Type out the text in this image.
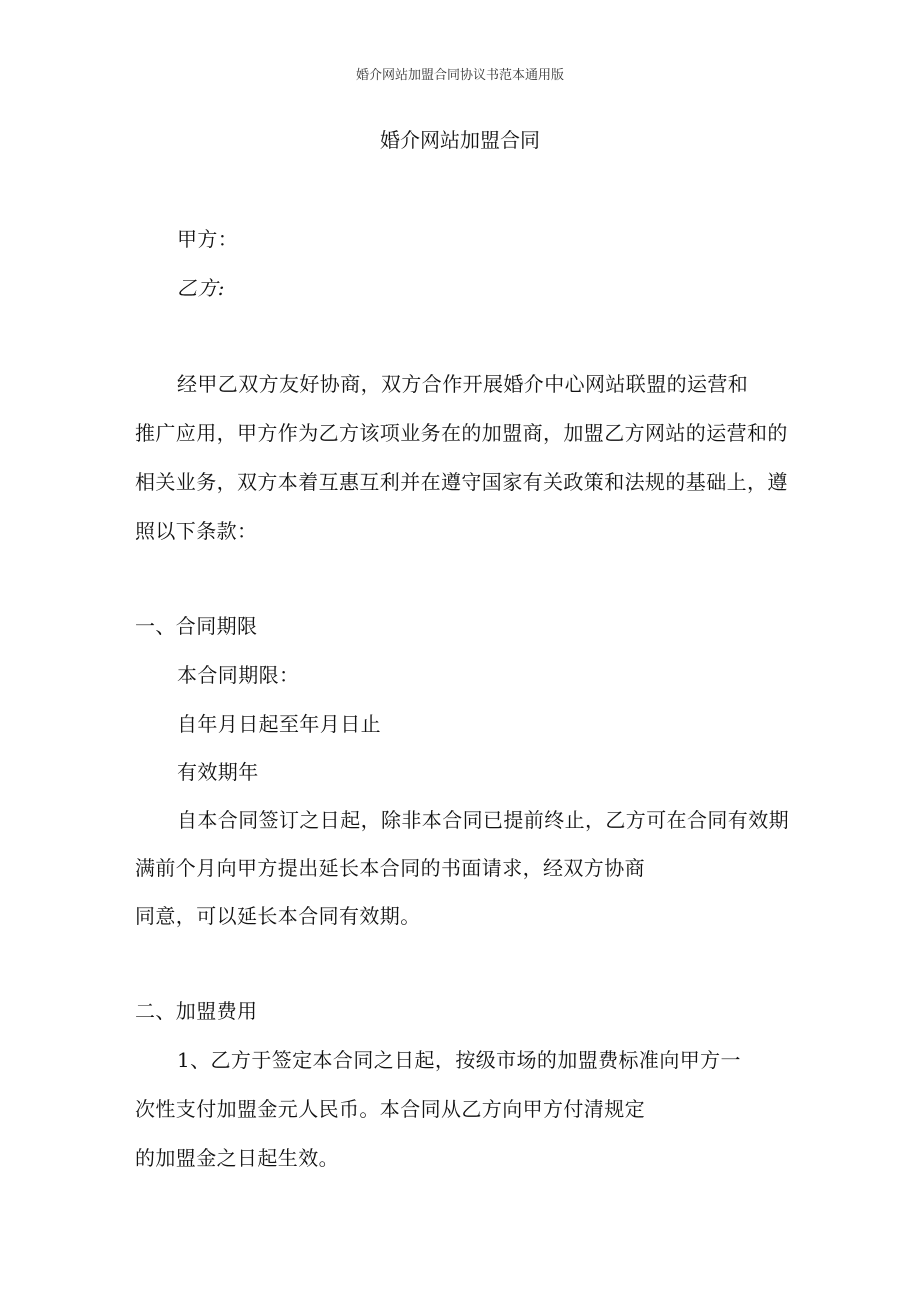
婚介网站加盟合同协议书范本通用版

婚介网站加盟合同

甲方：

乙方:

经甲乙双方友好协商，双方合作开展婚介中心网站联盟的运营和

推广应用，甲方作为乙方该项业务在的加盟商，加盟乙方网站的运营和的

相关业务，双方本着互惠互利并在遵守国家有关政策和法规的基础上，遵

照以下条款：

一、合同期限

本合同期限：

自年月日起至年月日止

有效期年

自本合同签订之日起，除非本合同已提前终止，乙方可在合同有效期

满前个月向甲方提出延长本合同的书面请求，经双方协商

同意，可以延长本合同有效期。

二、加盟费用

1、乙方于签定本合同之日起，按级市场的加盟费标准向甲方一

次性支付加盟金元人民币。本合同从乙方向甲方付清规定

的加盟金之日起生效。
